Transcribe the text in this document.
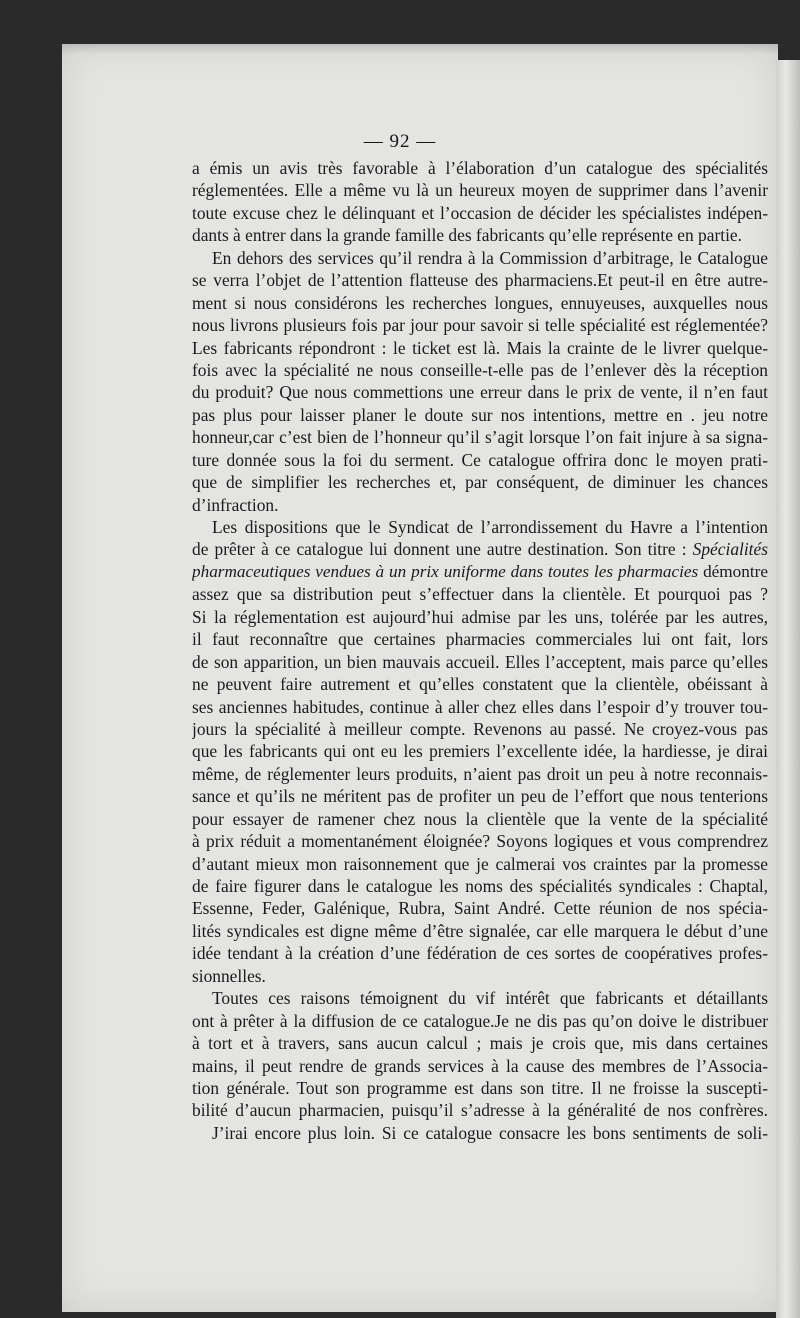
— 92 —
a émis un avis très favorable à l’élaboration d’un catalogue des spécialités
réglementées. Elle a même vu là un heureux moyen de supprimer dans l’avenir
toute excuse chez le délinquant et l’occasion de décider les spécialistes indépen-
dants à entrer dans la grande famille des fabricants qu’elle représente en partie.
En dehors des services qu’il rendra à la Commission d’arbitrage, le Catalogue
se verra l’objet de l’attention flatteuse des pharmaciens.Et peut-il en être autre-
ment si nous considérons les recherches longues, ennuyeuses, auxquelles nous
nous livrons plusieurs fois par jour pour savoir si telle spécialité est réglementée?
Les fabricants répondront : le ticket est là. Mais la crainte de le livrer quelque-
fois avec la spécialité ne nous conseille-t-elle pas de l’enlever dès la réception
du produit? Que nous commettions une erreur dans le prix de vente, il n’en faut
pas plus pour laisser planer le doute sur nos intentions, mettre en . jeu notre
honneur,car c’est bien de l’honneur qu’il s’agit lorsque l’on fait injure à sa signa-
ture donnée sous la foi du serment. Ce catalogue offrira donc le moyen prati-
que de simplifier les recherches et, par conséquent, de diminuer les chances
d’infraction.
Les dispositions que le Syndicat de l’arrondissement du Havre a l’intention
de prêter à ce catalogue lui donnent une autre destination. Son titre : Spécialités
pharmaceutiques vendues à un prix uniforme dans toutes les pharmacies démontre
assez que sa distribution peut s’effectuer dans la clientèle. Et pourquoi pas ?
Si la réglementation est aujourd’hui admise par les uns, tolérée par les autres,
il faut reconnaître que certaines pharmacies commerciales lui ont fait, lors
de son apparition, un bien mauvais accueil. Elles l’acceptent, mais parce qu’elles
ne peuvent faire autrement et qu’elles constatent que la clientèle, obéissant à
ses anciennes habitudes, continue à aller chez elles dans l’espoir d’y trouver tou-
jours la spécialité à meilleur compte. Revenons au passé. Ne croyez-vous pas
que les fabricants qui ont eu les premiers l’excellente idée, la hardiesse, je dirai
même, de réglementer leurs produits, n’aient pas droit un peu à notre reconnais-
sance et qu’ils ne méritent pas de profiter un peu de l’effort que nous tenterions
pour essayer de ramener chez nous la clientèle que la vente de la spécialité
à prix réduit a momentanément éloignée? Soyons logiques et vous comprendrez
d’autant mieux mon raisonnement que je calmerai vos craintes par la promesse
de faire figurer dans le catalogue les noms des spécialités syndicales : Chaptal,
Essenne, Feder, Galénique, Rubra, Saint André. Cette réunion de nos spécia-
lités syndicales est digne même d’être signalée, car elle marquera le début d’une
idée tendant à la création d’une fédération de ces sortes de coopératives profes-
sionnelles.
Toutes ces raisons témoignent du vif intérêt que fabricants et détaillants
ont à prêter à la diffusion de ce catalogue.Je ne dis pas qu’on doive le distribuer
à tort et à travers, sans aucun calcul ; mais je crois que, mis dans certaines
mains, il peut rendre de grands services à la cause des membres de l’Associa-
tion générale. Tout son programme est dans son titre. Il ne froisse la suscepti-
bilité d’aucun pharmacien, puisqu’il s’adresse à la généralité de nos confrères.
J’irai encore plus loin. Si ce catalogue consacre les bons sentiments de soli-
